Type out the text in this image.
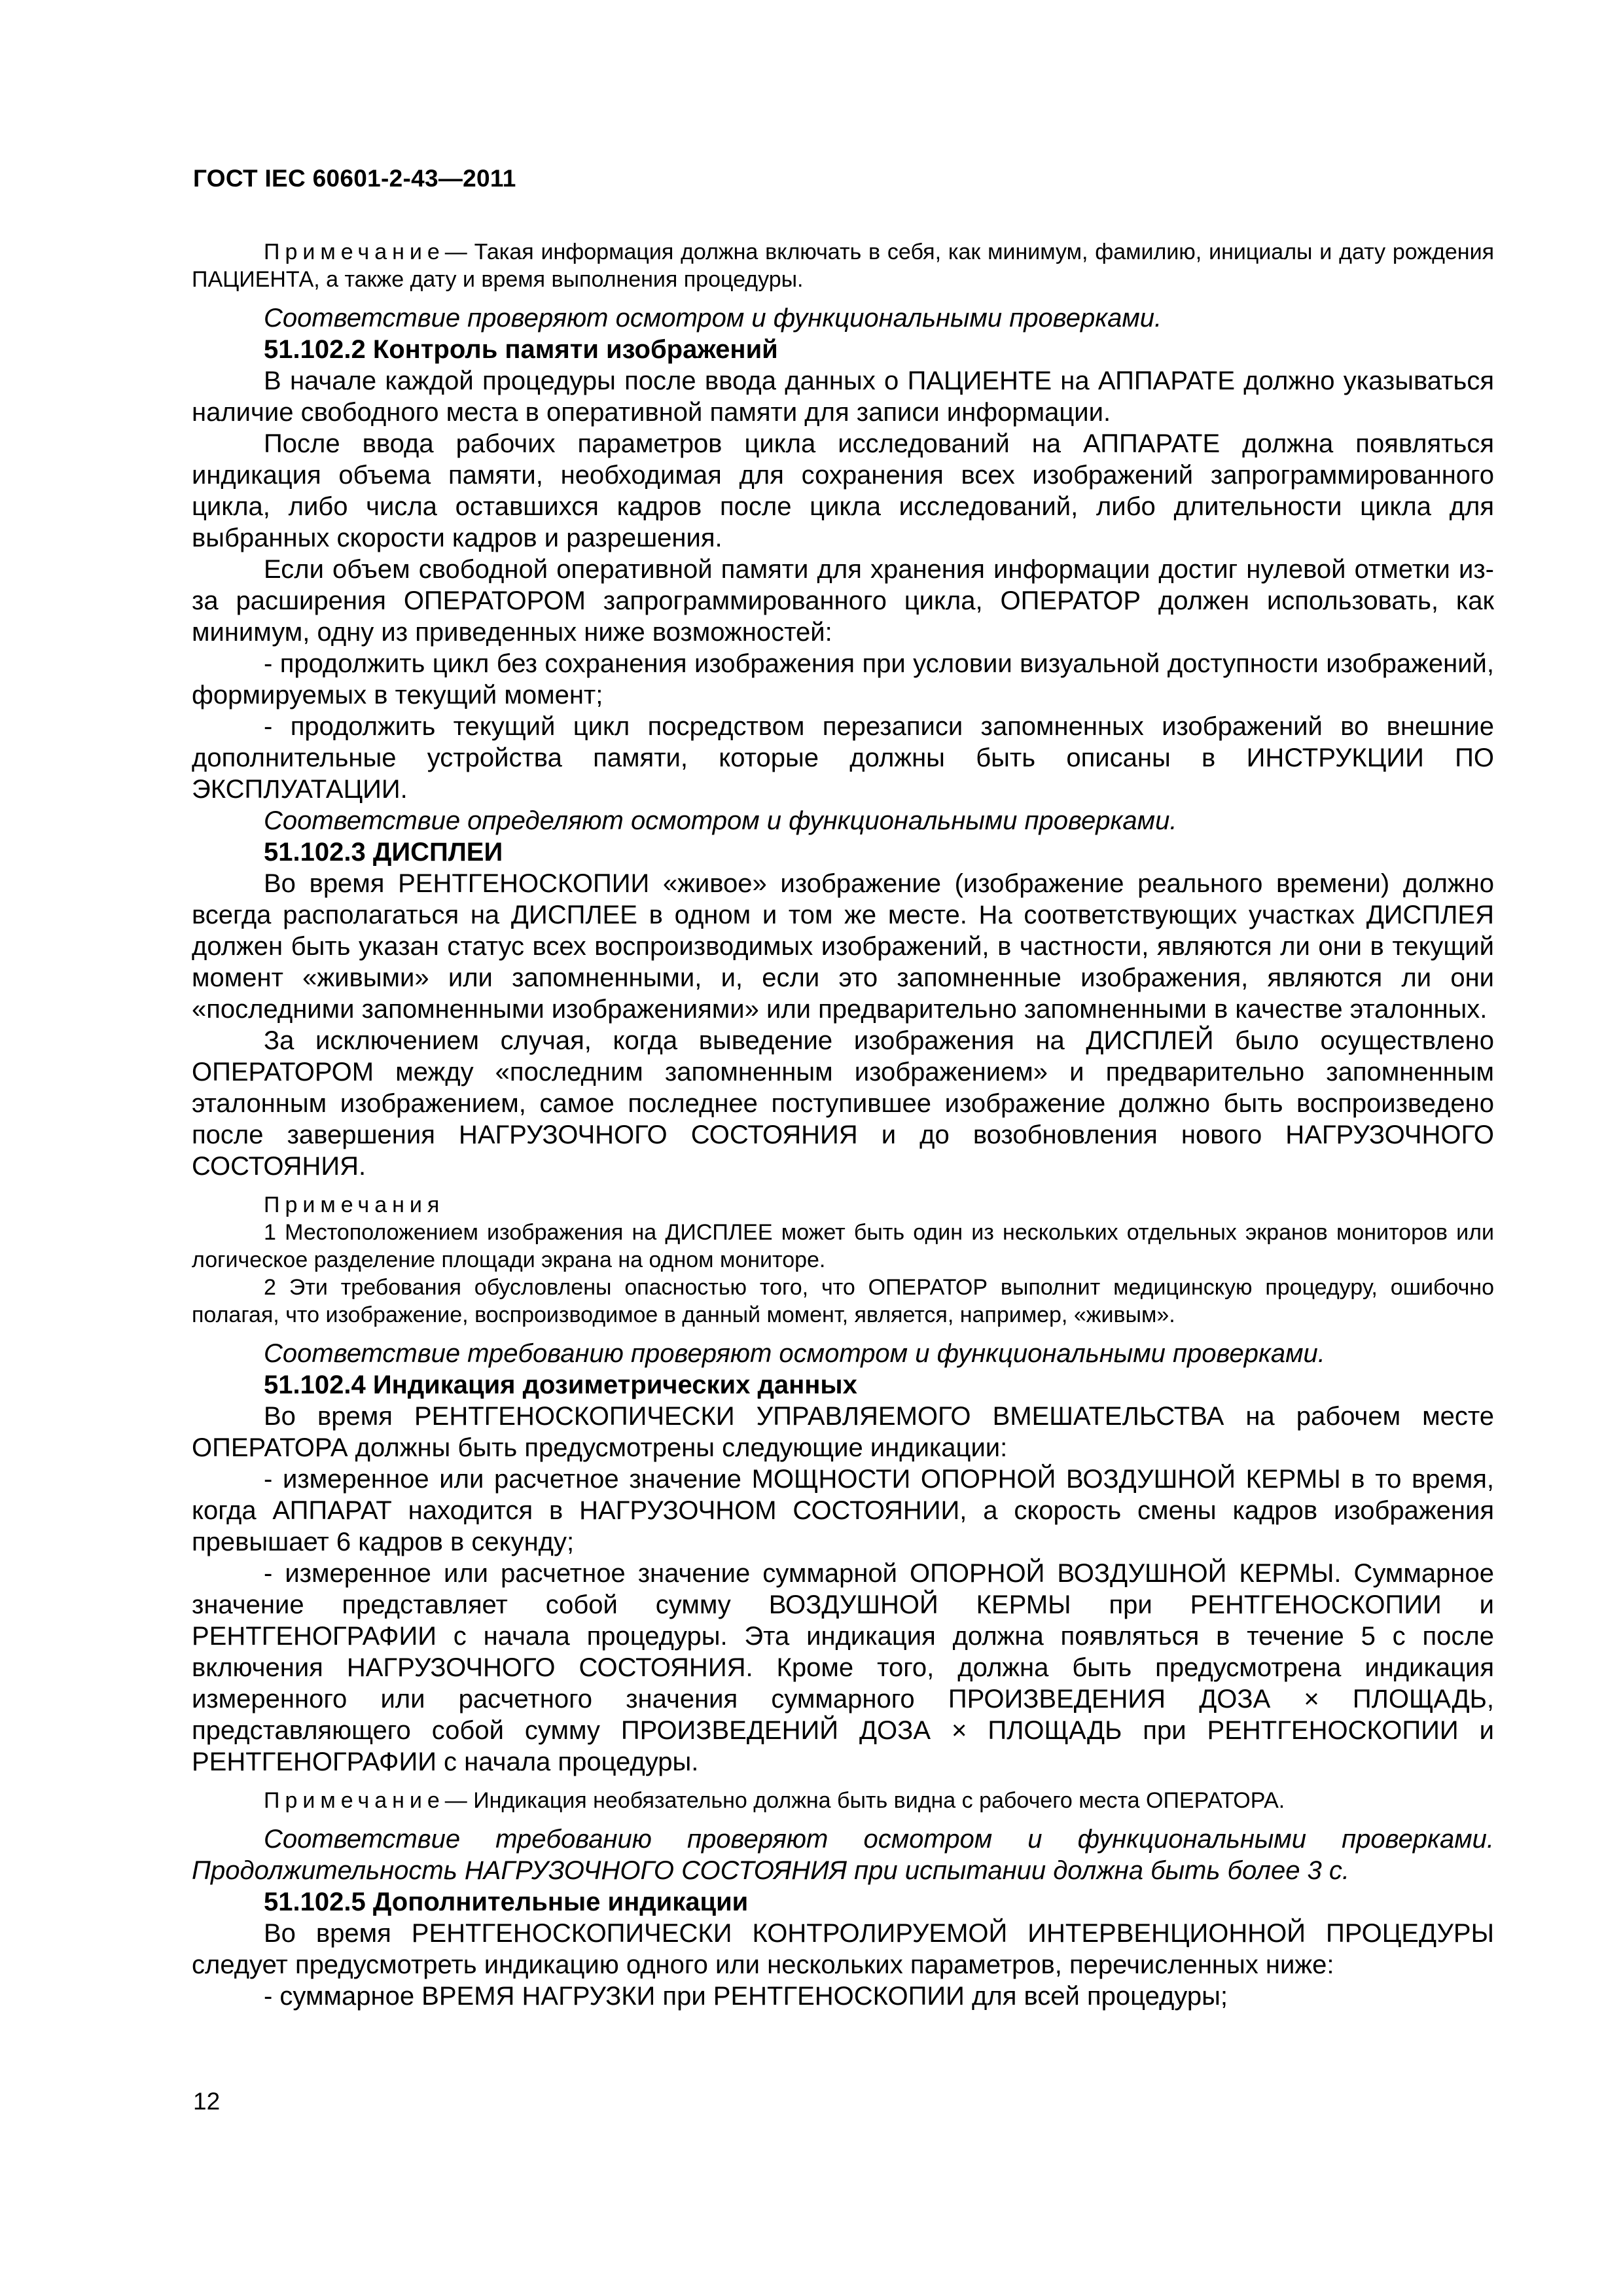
ГОСТ IEC 60601-2-43—2011

Примечание— Такая информация должна включать в себя, как минимум, фамилию, инициалы и дату рождения ПАЦИЕНТА, а также дату и время выполнения процедуры.

Соответствие проверяют осмотром и функциональными проверками.

51.102.2 Контроль памяти изображений

В начале каждой процедуры после ввода данных о ПАЦИЕНТЕ на АППАРАТЕ должно указываться наличие свободного места в оперативной памяти для записи информации.

После ввода рабочих параметров цикла исследований на АППАРАТЕ должна появляться индикация объема памяти, необходимая для сохранения всех изображений запрограммированного цикла, либо числа оставшихся кадров после цикла исследований, либо длительности цикла для выбранных скорости кадров и разрешения.

Если объем свободной оперативной памяти для хранения информации достиг нулевой отметки из-за расширения ОПЕРАТОРОМ запрограммированного цикла, ОПЕРАТОР должен использовать, как минимум, одну из приведенных ниже возможностей:

- продолжить цикл без сохранения изображения при условии визуальной доступности изображений, формируемых в текущий момент;

- продолжить текущий цикл посредством перезаписи запомненных изображений во внешние дополнительные устройства памяти, которые должны быть описаны в ИНСТРУКЦИИ ПО ЭКСПЛУАТАЦИИ.

Соответствие определяют осмотром и функциональными проверками.

51.102.3 ДИСПЛЕИ

Во время РЕНТГЕНОСКОПИИ «живое» изображение (изображение реального времени) должно всегда располагаться на ДИСПЛЕЕ в одном и том же месте. На соответствующих участках ДИСПЛЕЯ должен быть указан статус всех воспроизводимых изображений, в частности, являются ли они в текущий момент «живыми» или запомненными, и, если это запомненные изображения, являются ли они «последними запомненными изображениями» или предварительно запомненными в качестве эталонных.

За исключением случая, когда выведение изображения на ДИСПЛЕЙ было осуществлено ОПЕРАТОРОМ между «последним запомненным изображением» и предварительно запомненным эталонным изображением, самое последнее поступившее изображение должно быть воспроизведено после завершения НАГРУЗОЧНОГО СОСТОЯНИЯ и до возобновления нового НАГРУЗОЧНОГО СОСТОЯНИЯ.

Примечания

1 Местоположением изображения на ДИСПЛЕЕ может быть один из нескольких отдельных экранов мониторов или логическое разделение площади экрана на одном мониторе.

2 Эти требования обусловлены опасностью того, что ОПЕРАТОР выполнит медицинскую процедуру, ошибочно полагая, что изображение, воспроизводимое в данный момент, является, например, «живым».

Соответствие требованию проверяют осмотром и функциональными проверками.

51.102.4 Индикация дозиметрических данных

Во время РЕНТГЕНОСКОПИЧЕСКИ УПРАВЛЯЕМОГО ВМЕШАТЕЛЬСТВА на рабочем месте ОПЕРАТОРА должны быть предусмотрены следующие индикации:

- измеренное или расчетное значение МОЩНОСТИ ОПОРНОЙ ВОЗДУШНОЙ КЕРМЫ в то время, когда АППАРАТ находится в НАГРУЗОЧНОМ СОСТОЯНИИ, а скорость смены кадров изображения превышает 6 кадров в секунду;

- измеренное или расчетное значение суммарной ОПОРНОЙ ВОЗДУШНОЙ КЕРМЫ. Суммарное значение представляет собой сумму ВОЗДУШНОЙ КЕРМЫ при РЕНТГЕНОСКОПИИ и РЕНТГЕНОГРАФИИ с начала процедуры. Эта индикация должна появляться в течение 5 с после включения НАГРУЗОЧНОГО СОСТОЯНИЯ. Кроме того, должна быть предусмотрена индикация измеренного или расчетного значения суммарного ПРОИЗВЕДЕНИЯ ДОЗА × ПЛОЩАДЬ, представляющего собой сумму ПРОИЗВЕДЕНИЙ ДОЗА × ПЛОЩАДЬ при РЕНТГЕНОСКОПИИ и РЕНТГЕНОГРАФИИ с начала процедуры.

Примечание— Индикация необязательно должна быть видна с рабочего места ОПЕРАТОРА.

Соответствие требованию проверяют осмотром и функциональными проверками. Продолжительность НАГРУЗОЧНОГО СОСТОЯНИЯ при испытании должна быть более 3 с.

51.102.5 Дополнительные индикации

Во время РЕНТГЕНОСКОПИЧЕСКИ КОНТРОЛИРУЕМОЙ ИНТЕРВЕНЦИОННОЙ ПРОЦЕДУРЫ следует предусмотреть индикацию одного или нескольких параметров, перечисленных ниже:

- суммарное ВРЕМЯ НАГРУЗКИ при РЕНТГЕНОСКОПИИ для всей процедуры;

12
